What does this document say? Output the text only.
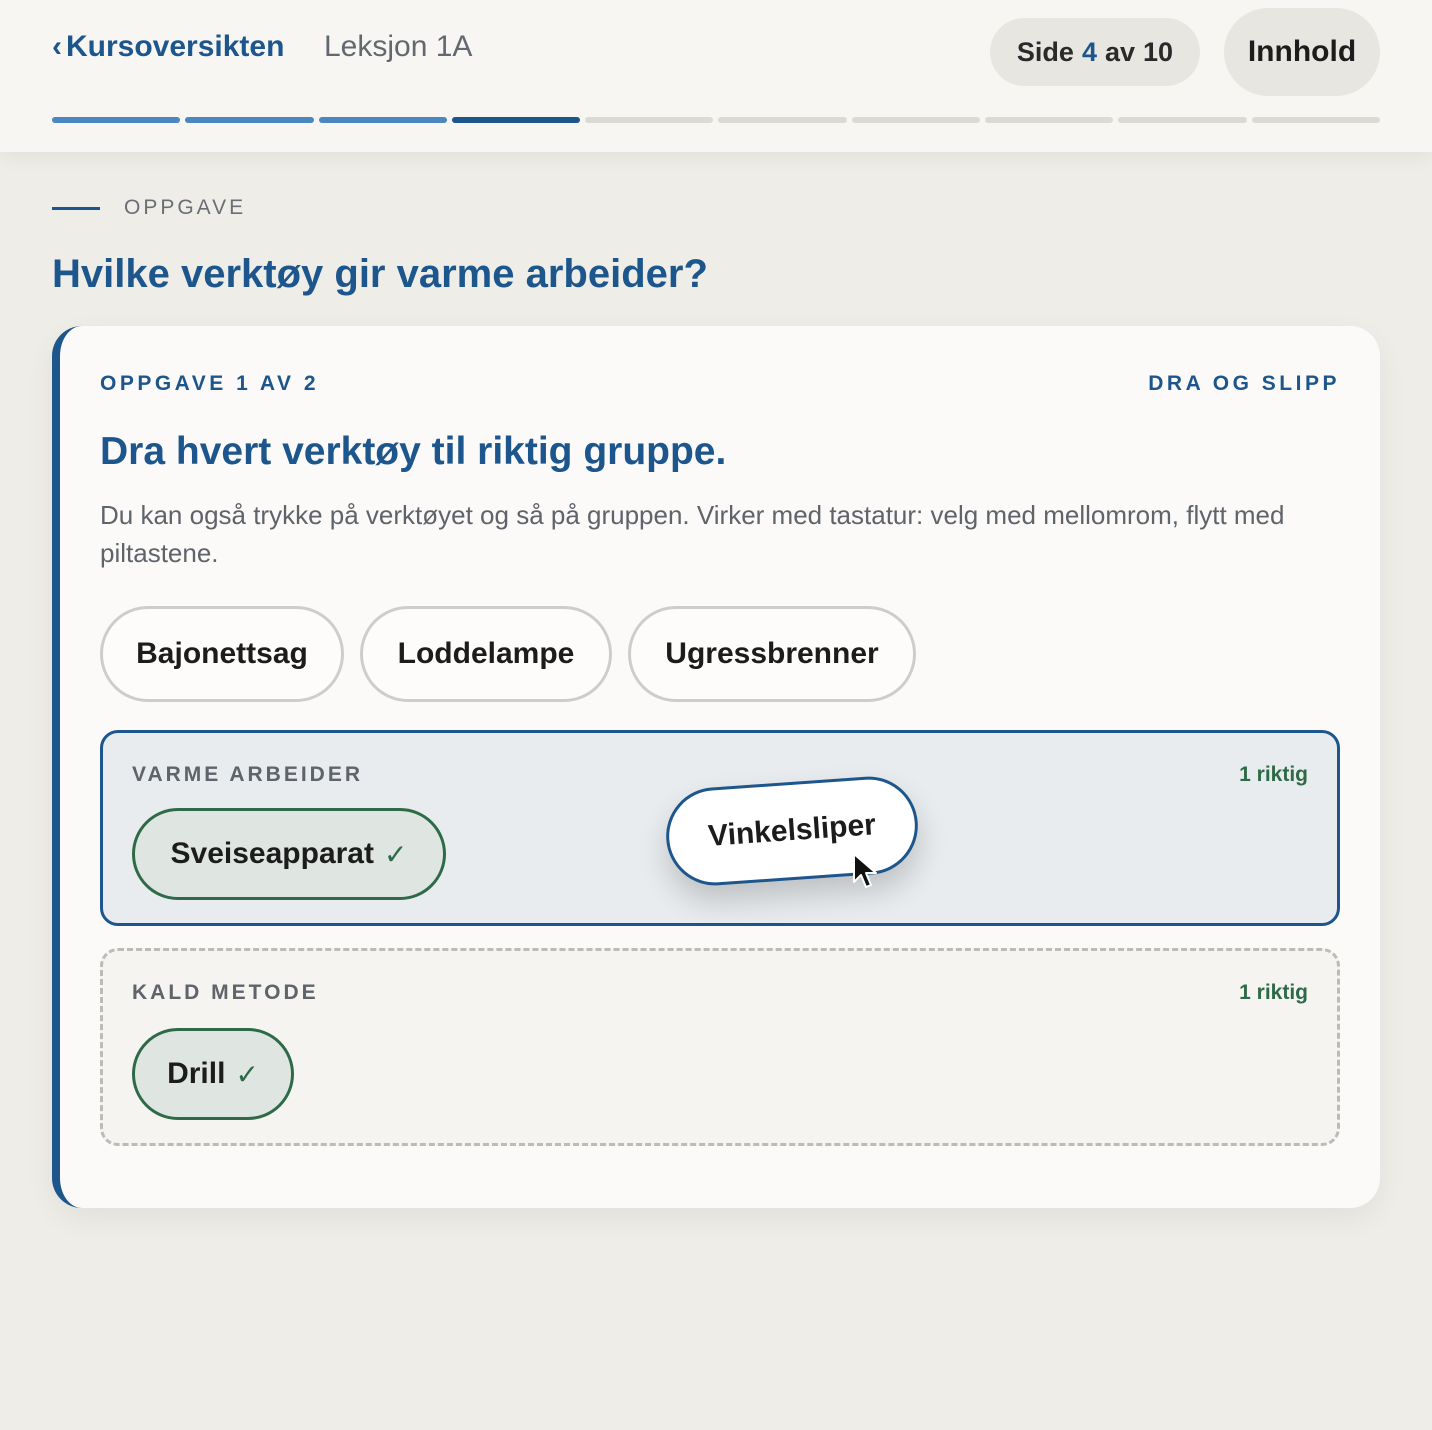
‹ Kursoversikten Leksjon 1A	Side 4 av 10	Innhold
OPPGAVE
Hvilke verktøy gir varme arbeider?
OPPGAVE 1 AV 2	DRA OG SLIPP
Dra hvert verktøy til riktig gruppe.

Du kan også trykke på verktøyet og så på gruppen. Virker med tastatur: velg med mellomrom, flytt med piltastene.

Bajonettsag	Loddelampe	Ugressbrenner
VARME ARBEIDER	1 riktig
Sveiseapparat ✓
KALD METODE	1 riktig
Drill ✓
Vinkelsliper
